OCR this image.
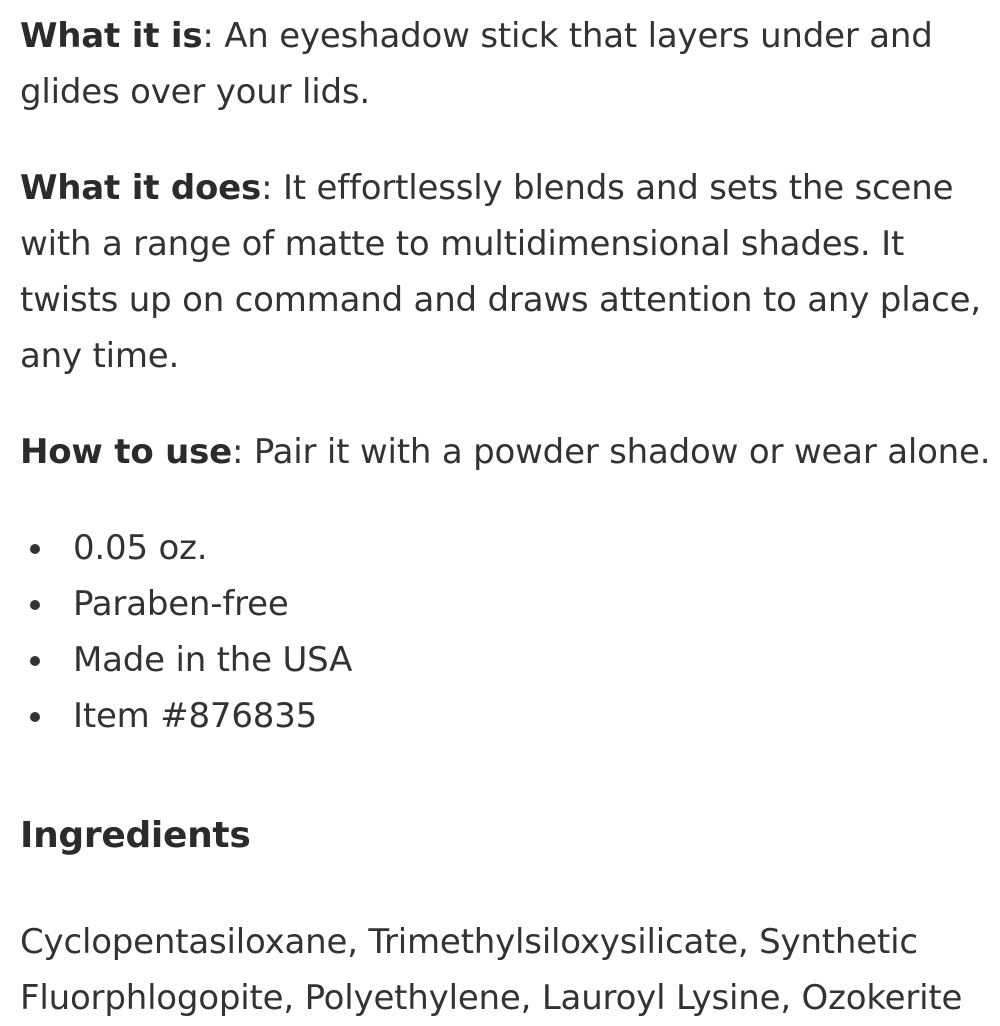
What it is: An eyeshadow stick that layers under and glides over your lids.

What it does: It effortlessly blends and sets the scene with a range of matte to multidimensional shades. It twists up on command and draws attention to any place, any time.

How to use: Pair it with a powder shadow or wear alone.

0.05 oz.
Paraben-free
Made in the USA
Item #876835
Ingredients

Cyclopentasiloxane, Trimethylsiloxysilicate, Synthetic Fluorphlogopite, Polyethylene, Lauroyl Lysine, Ozokerite
